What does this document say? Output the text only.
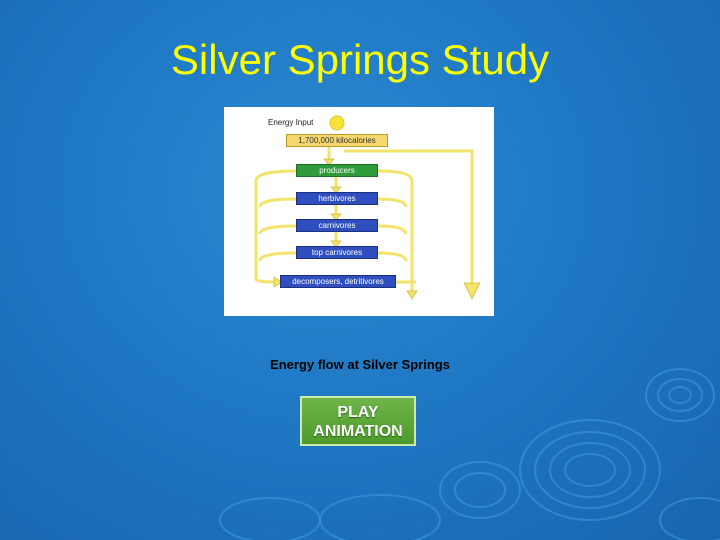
Silver Springs Study
Energy Input
1,700,000 kilocalories
producers
herbivores
carnivores
top carnivores
decomposers, detritivores
Energy flow at Silver Springs
PLAY
ANIMATION
